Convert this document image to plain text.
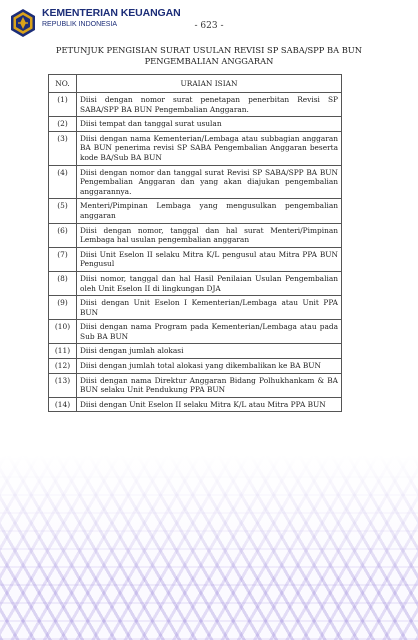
KEMENTERIAN KEUANGAN
REPUBLIK INDONESIA	- 623 -
PETUNJUK PENGISIAN SURAT USULAN REVISI SP SABA/SPP BA BUN
PENGEMBALIAN ANGGARAN
NO.	URAIAN ISIAN
(1)	Diisi dengan nomor surat penetapan penerbitan Revisi SP SABA/SPP BA BUN Pengembalian Anggaran.
(2)	Diisi tempat dan tanggal surat usulan
(3)	Diisi dengan nama Kementerian/Lembaga atau subbagian anggaran BA BUN penerima revisi SP SABA Pengembalian Anggaran beserta kode BA/Sub BA BUN
(4)	Diisi dengan nomor dan tanggal surat Revisi SP SABA/SPP BA BUN Pengembalian Anggaran dan yang akan diajukan pengembalian anggarannya.
(5)	Menteri/Pimpinan Lembaga yang mengusulkan pengembalian anggaran
(6)	Diisi dengan nomor, tanggal dan hal surat Menteri/Pimpinan Lembaga hal usulan pengembalian anggaran
(7)	Diisi Unit Eselon II selaku Mitra K/L pengusul atau Mitra PPA BUN Pengusul
(8)	Diisi nomor, tanggal dan hal Hasil Penilaian Usulan Pengembalian oleh Unit Eselon II di lingkungan DJA
(9)	Diisi dengan Unit Eselon I Kementerian/Lembaga atau Unit PPA BUN
(10)	Diisi dengan nama Program pada Kementerian/Lembaga atau pada Sub BA BUN
(11)	Diisi dengan jumlah alokasi
(12)	Diisi dengan jumlah total alokasi yang dikembalikan ke BA BUN
(13)	Diisi dengan nama Direktur Anggaran Bidang Polhukhankam & BA BUN selaku Unit Pendukung PPA BUN
(14)	Diisi dengan Unit Eselon II selaku Mitra K/L atau Mitra PPA BUN
